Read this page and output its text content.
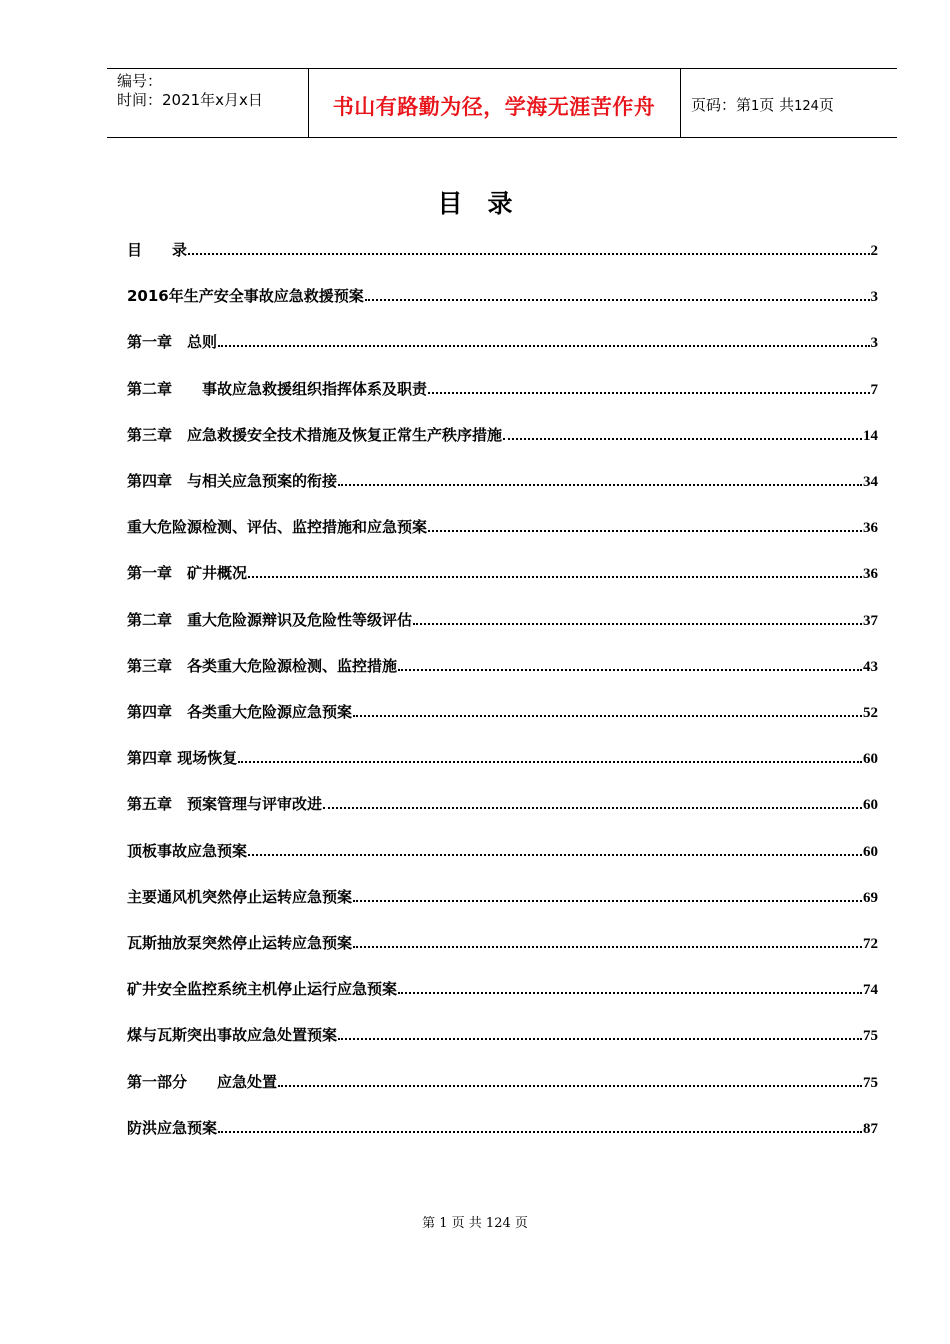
编号：
时间：2021年x月x日	书山有路勤为径，学海无涯苦作舟	页码：第1页 共124页
目　录
目　　录	2
2016年生产安全事故应急救援预案	3
第一章　总则	3
第二章　　事故应急救援组织指挥体系及职责	7
第三章　应急救援安全技术措施及恢复正常生产秩序措施	14
第四章　与相关应急预案的衔接	34
重大危险源检测、评估、监控措施和应急预案	36
第一章　矿井概况	36
第二章　重大危险源辩识及危险性等级评估	37
第三章　各类重大危险源检测、监控措施	43
第四章　各类重大危险源应急预案	52
第四章 现场恢复	60
第五章　预案管理与评审改进	60
顶板事故应急预案	60
主要通风机突然停止运转应急预案	69
瓦斯抽放泵突然停止运转应急预案	72
矿井安全监控系统主机停止运行应急预案	74
煤与瓦斯突出事故应急处置预案	75
第一部分　　应急处置	75
防洪应急预案	87
第 1 页 共 124 页
